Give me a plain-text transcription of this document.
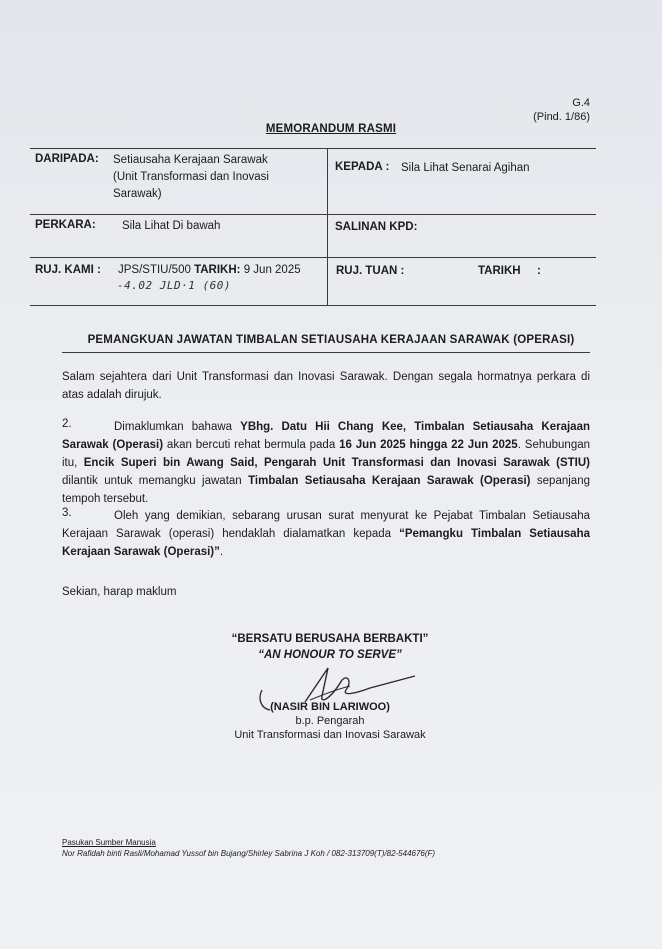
G.4
(Pind. 1/86)
MEMORANDUM RASMI
DARIPADA: Setiausaha Kerajaan Sarawak
(Unit Transformasi dan Inovasi
Sarawak)
KEPADA : Sila Lihat Senarai Agihan
PERKARA: Sila Lihat Di bawah	SALINAN KPD:
RUJ. KAMI : JPS/STIU/500 TARIKH: 9 Jun 2025
-4.02 JLD·1 (60)
RUJ. TUAN :	TARIKH :
PEMANGKUAN JAWATAN TIMBALAN SETIAUSAHA KERAJAAN SARAWAK (OPERASI)
Salam sejahtera dari Unit Transformasi dan Inovasi Sarawak. Dengan segala hormatnya perkara di atas adalah dirujuk.
2.	Dimaklumkan bahawa YBhg. Datu Hii Chang Kee, Timbalan Setiausaha Kerajaan Sarawak (Operasi) akan bercuti rehat bermula pada 16 Jun 2025 hingga 22 Jun 2025. Sehubungan itu, Encik Superi bin Awang Said, Pengarah Unit Transformasi dan Inovasi Sarawak (STIU) dilantik untuk memangku jawatan Timbalan Setiausaha Kerajaan Sarawak (Operasi) sepanjang tempoh tersebut.
3.	Oleh yang demikian, sebarang urusan surat menyurat ke Pejabat Timbalan Setiausaha Kerajaan Sarawak (operasi) hendaklah dialamatkan kepada “Pemangku Timbalan Setiausaha Kerajaan Sarawak (Operasi)”.
Sekian, harap maklum
“BERSATU BERUSAHA BERBAKTI”
“AN HONOUR TO SERVE”
(NASIR BIN LARIWOO)
b.p. Pengarah
Unit Transformasi dan Inovasi Sarawak
Pasukan Sumber Manusia
Nor Rafidah binti Rasli/Mohamad Yussof bin Bujang/Shirley Sabrina J Koh / 082-313709(T)/82-544676(F)
